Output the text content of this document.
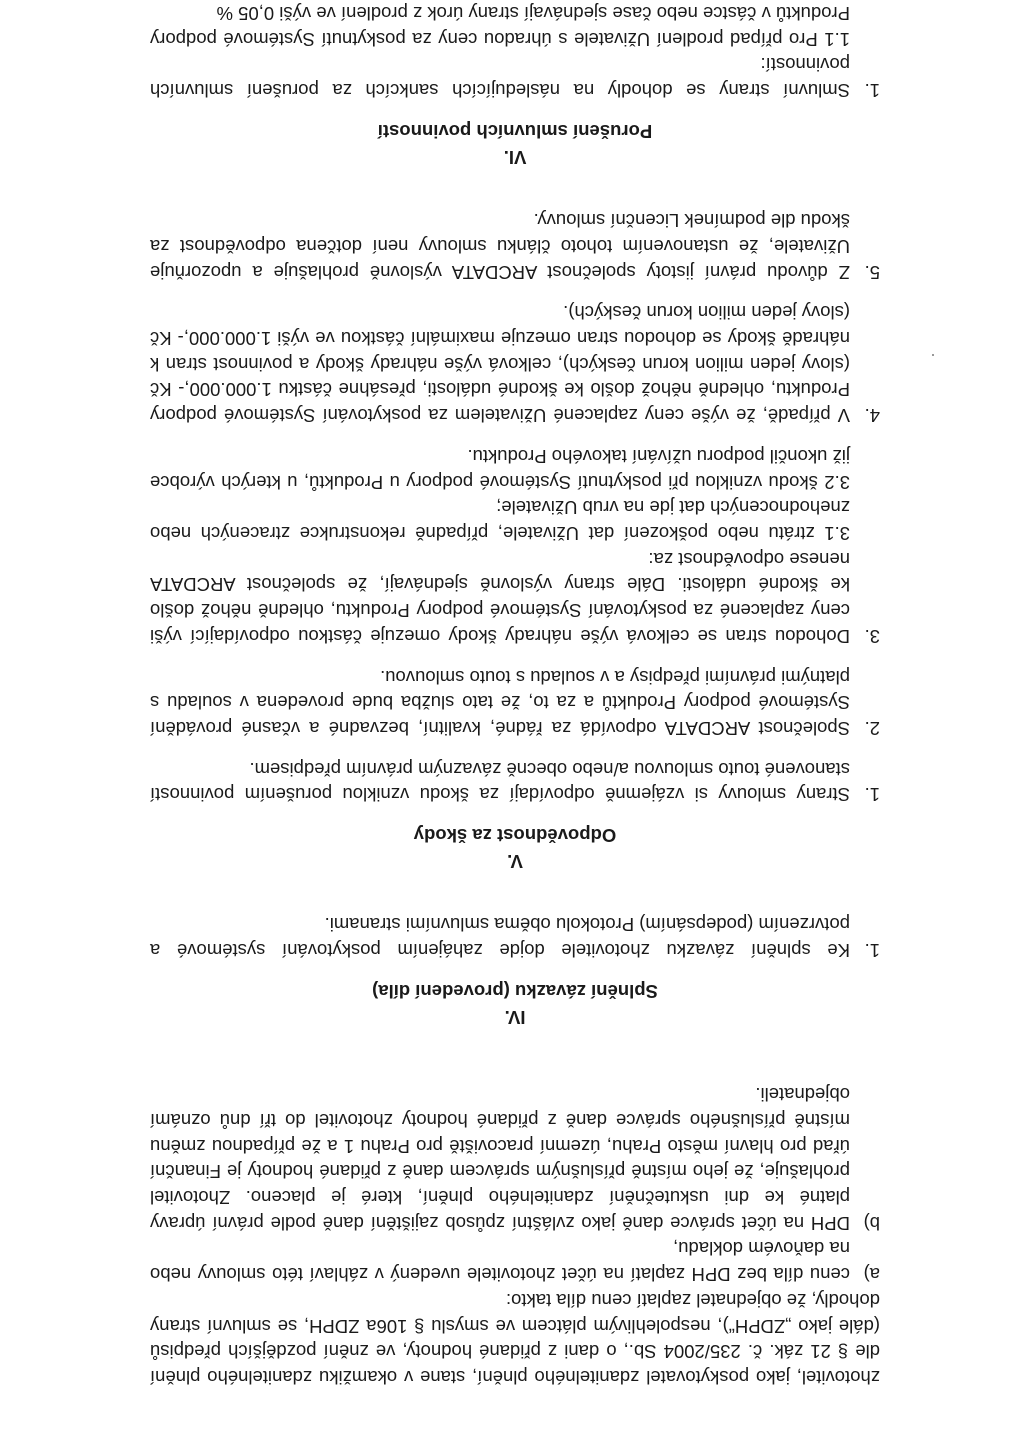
zhotovitel, jako poskytovatel zdanitelného plnění, stane v okamžiku zdanitelného plnění dle § 21 zák. č. 235/2004 Sb., o dani z přidané hodnoty, ve znění pozdějších předpisů (dále jako „ZDPH“), nespolehlivým plátcem ve smyslu § 106a ZDPH, se smluvní strany dohodly, že objednatel zaplatí cenu díla takto:

a)
cenu díla bez DPH zaplatí na účet zhotovitele uvedený v záhlaví této smlouvy nebo na daňovém dokladu,
b)
DPH na účet správce daně jako zvláštní způsob zajištění daně podle právní úpravy platné ke dni uskutečnění zdanitelného plnění, které je placeno. Zhotovitel prohlašuje, že jeho místně příslušným správcem daně z přidané hodnoty je Finanční úřad pro hlavní město Prahu, územní pracoviště pro Prahu 1 a že případnou změnu místně příslušného správce daně z přidané hodnoty zhotovitel do tří dnů oznámí objednateli.
IV.
Splnění závazku (provedení díla)
1.
Ke splnění závazku zhotovitele dojde zahájením poskytování systémové a potvrzením (podepsáním) Protokolu oběma smluvními stranami.
V.
Odpovědnost za škody
1.
Strany smlouvy si vzájemně odpovídají za škodu vzniklou porušením povinností stanovené touto smlouvou a/nebo obecně závazným právním předpisem.
2.
Společnost ARCDATA odpovídá za řádné, kvalitní, bezvadné a včasné provádění Systémové podpory Produktů a za to, že tato služba bude provedena v souladu s platnými právními předpisy a v souladu s touto smlouvou.
3.
Dohodou stran se celková výše náhrady škody omezuje částkou odpovídající výši ceny zaplacené za poskytování Systémové podpory Produktu, ohledně něhož došlo ke škodné události. Dále strany výslovně sjednávají, že společnost ARCDATA nenese odpovědnost za:

3.1 ztrátu nebo poškození dat Uživatele, případně rekonstrukce ztracených nebo znehodnocených dat jde na vrub Uživatele;

3.2 škodu vzniklou při poskytnutí Systémové podpory u Produktů, u kterých výrobce již ukončil podporu užívání takového Produktu.

4.
V případě, že výše ceny zaplacené Uživatelem za poskytování Systémové podpory Produktu, ohledně něhož došlo ke škodné události, přesáhne částku 1.000.000,- Kč (slovy jeden milion korun českých), celková výše náhrady škody a povinnost stran k náhradě škody se dohodou stran omezuje maximální částkou ve výši 1.000.000,- Kč (slovy jeden milion korun českých).
5.
Z důvodu právní jistoty společnost ARCDATA výslovně prohlašuje a upozorňuje Uživatele, že ustanovením tohoto článku smlouvy není dotčena odpovědnost za škodu dle podmínek Licenční smlouvy.
VI.
Porušení smluvních povinností
1.
Smluvní strany se dohodly na následujících sankcích za porušení smluvních povinností:

1.1 Pro případ prodlení Uživatele s úhradou ceny za poskytnutí Systémové podpory Produktů v částce nebo čase sjednávají strany úrok z prodlení ve výši 0,05 %
